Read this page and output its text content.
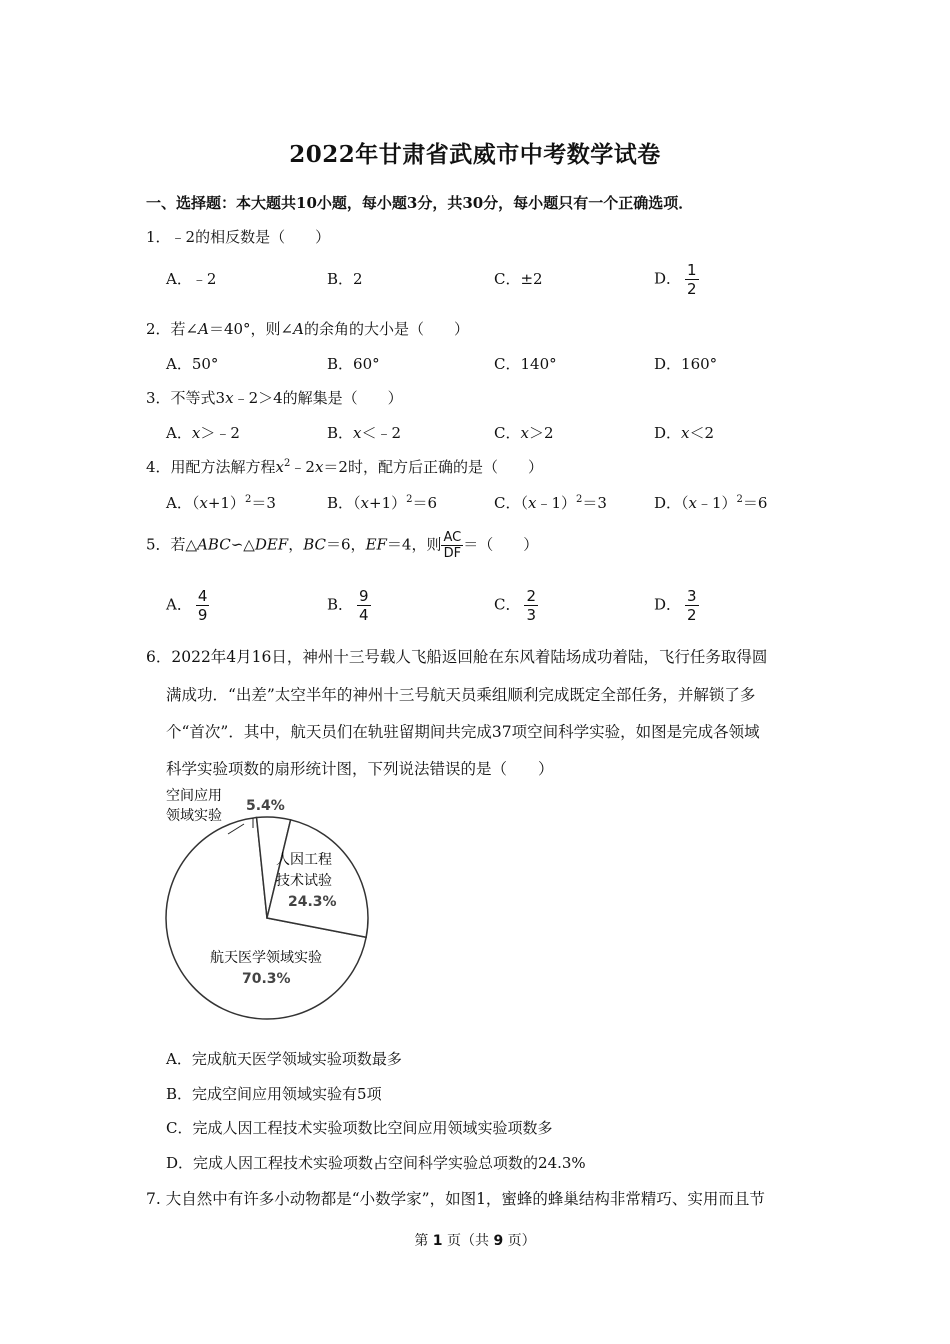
2022年甘肃省武威市中考数学试卷
一、选择题：本大题共10小题，每小题3分，共30分，每小题只有一个正确选项．
1．﹣2的相反数是（　　）
A．﹣2	B．2	C．±2	D． $\frac{1}{2}$
2．若∠A＝40°，则∠A的余角的大小是（　　）
A．50°	B．60°	C．140°	D．160°
3．不等式3x﹣2＞4的解集是（　　）
A．x＞﹣2	B．x＜﹣2	C．x＞2	D．x＜2
4．用配方法解方程$x^2﹣2x=2$时，配方后正确的是（　　）
A．$(x+1)^2=3$	B．$(x+1)^2=6$	C．（x﹣1）$^2$＝3	D．（x﹣1）$^2$＝6
5．若△ABC∽△DEF，BC＝6，EF＝4，则 $\frac{AC}{DF}$ ＝（　　）
A． $\frac{4}{9}$	B． $\frac{9}{4}$	C． $\frac{2}{3}$	D． $\frac{3}{2}$
6．2022年4月16日，神州十三号载人飞船返回舱在东风着陆场成功着陆，飞行任务取得圆
满成功．“出差”太空半年的神州十三号航天员乘组顺利完成既定全部任务，并解锁了多
个“首次”．其中，航天员们在轨驻留期间共完成37项空间科学实验，如图是完成各领域
科学实验项数的扇形统计图，下列说法错误的是（　　）
空间应用
领域实验
5.4%
人因工程
技术试验
24.3%
航天医学领域实验
70.3%
A．完成航天医学领域实验项数最多
B．完成空间应用领域实验有5项
C．完成人因工程技术实验项数比空间应用领域实验项数多
D．完成人因工程技术实验项数占空间科学实验总项数的24.3%
7. 大自然中有许多小动物都是“小数学家”，如图1，蜜蜂的蜂巢结构非常精巧、实用而且节
第 1 页（共 9 页）
